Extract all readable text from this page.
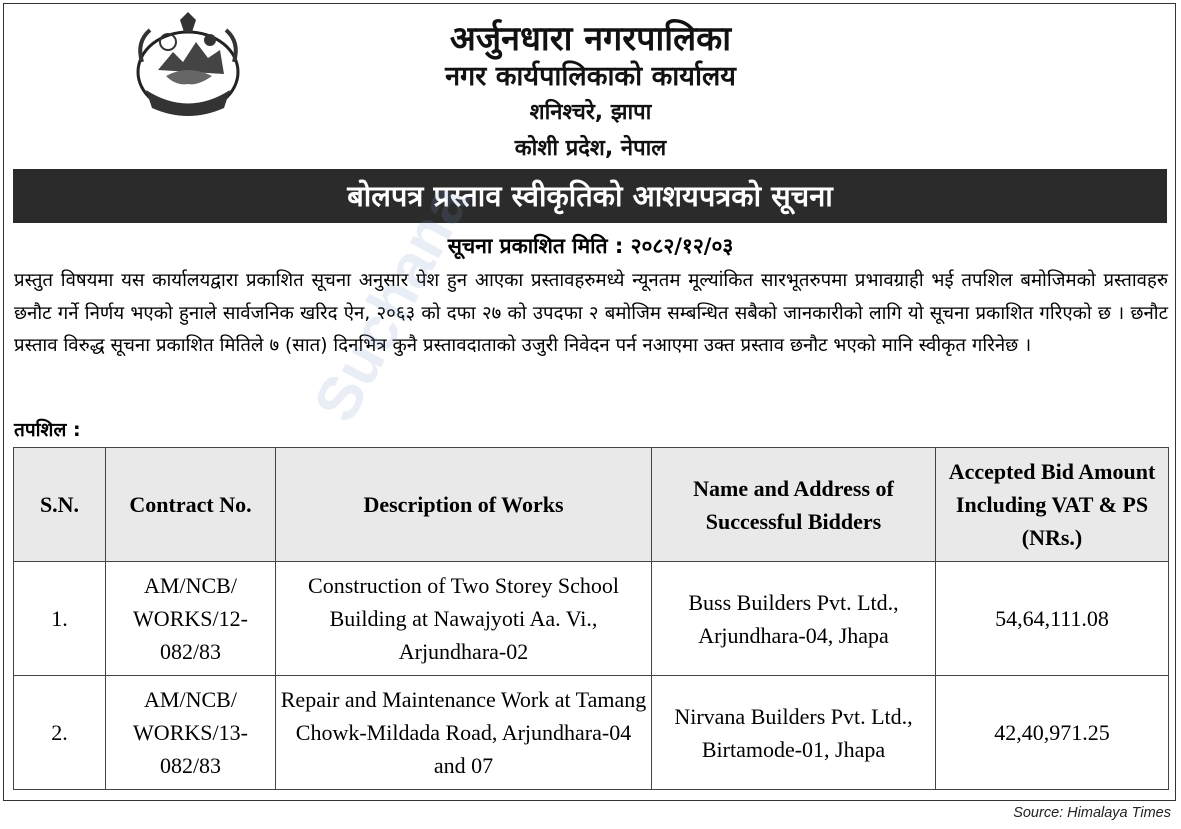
अर्जुनधारा नगरपालिका
नगर कार्यपालिकाको कार्यालय
शनिश्चरे, झापा
कोशी प्रदेश, नेपाल
बोलपत्र प्रस्ताव स्वीकृतिको आशयपत्रको सूचना
सूचना प्रकाशित मिति : २०८२/१२/०३
प्रस्तुत विषयमा यस कार्यालयद्वारा प्रकाशित सूचना अनुसार पेश हुन आएका प्रस्तावहरुमध्ये न्यूनतम मूल्यांकित सारभूतरुपमा प्रभावग्राही भई तपशिल बमोजिमको प्रस्तावहरु छनौट गर्ने निर्णय भएको हुनाले सार्वजनिक खरिद ऐन, २०६३ को दफा २७ को उपदफा २ बमोजिम सम्बन्धित सबैको जानकारीको लागि यो सूचना प्रकाशित गरिएको छ । छनौट प्रस्ताव विरुद्ध सूचना प्रकाशित मितिले ७ (सात) दिनभित्र कुनै प्रस्तावदाताको उजुरी निवेदन पर्न नआएमा उक्त प्रस्ताव छनौट भएको मानि स्वीकृत गरिनेछ ।
तपशिल :
S.N.	Contract No.	Description of Works	Name and Address of Successful Bidders	Accepted Bid Amount Including VAT & PS (NRs.)
1.	AM/NCB/ WORKS/12- 082/83	Construction of Two Storey School Building at Nawajyoti Aa. Vi., Arjundhara-02	Buss Builders Pvt. Ltd., Arjundhara-04, Jhapa	54,64,111.08
2.	AM/NCB/ WORKS/13- 082/83	Repair and Maintenance Work at Tamang Chowk-Mildada Road, Arjundhara-04 and 07	Nirvana Builders Pvt. Ltd., Birtamode-01, Jhapa	42,40,971.25
Suchana
Source: Himalaya Times
